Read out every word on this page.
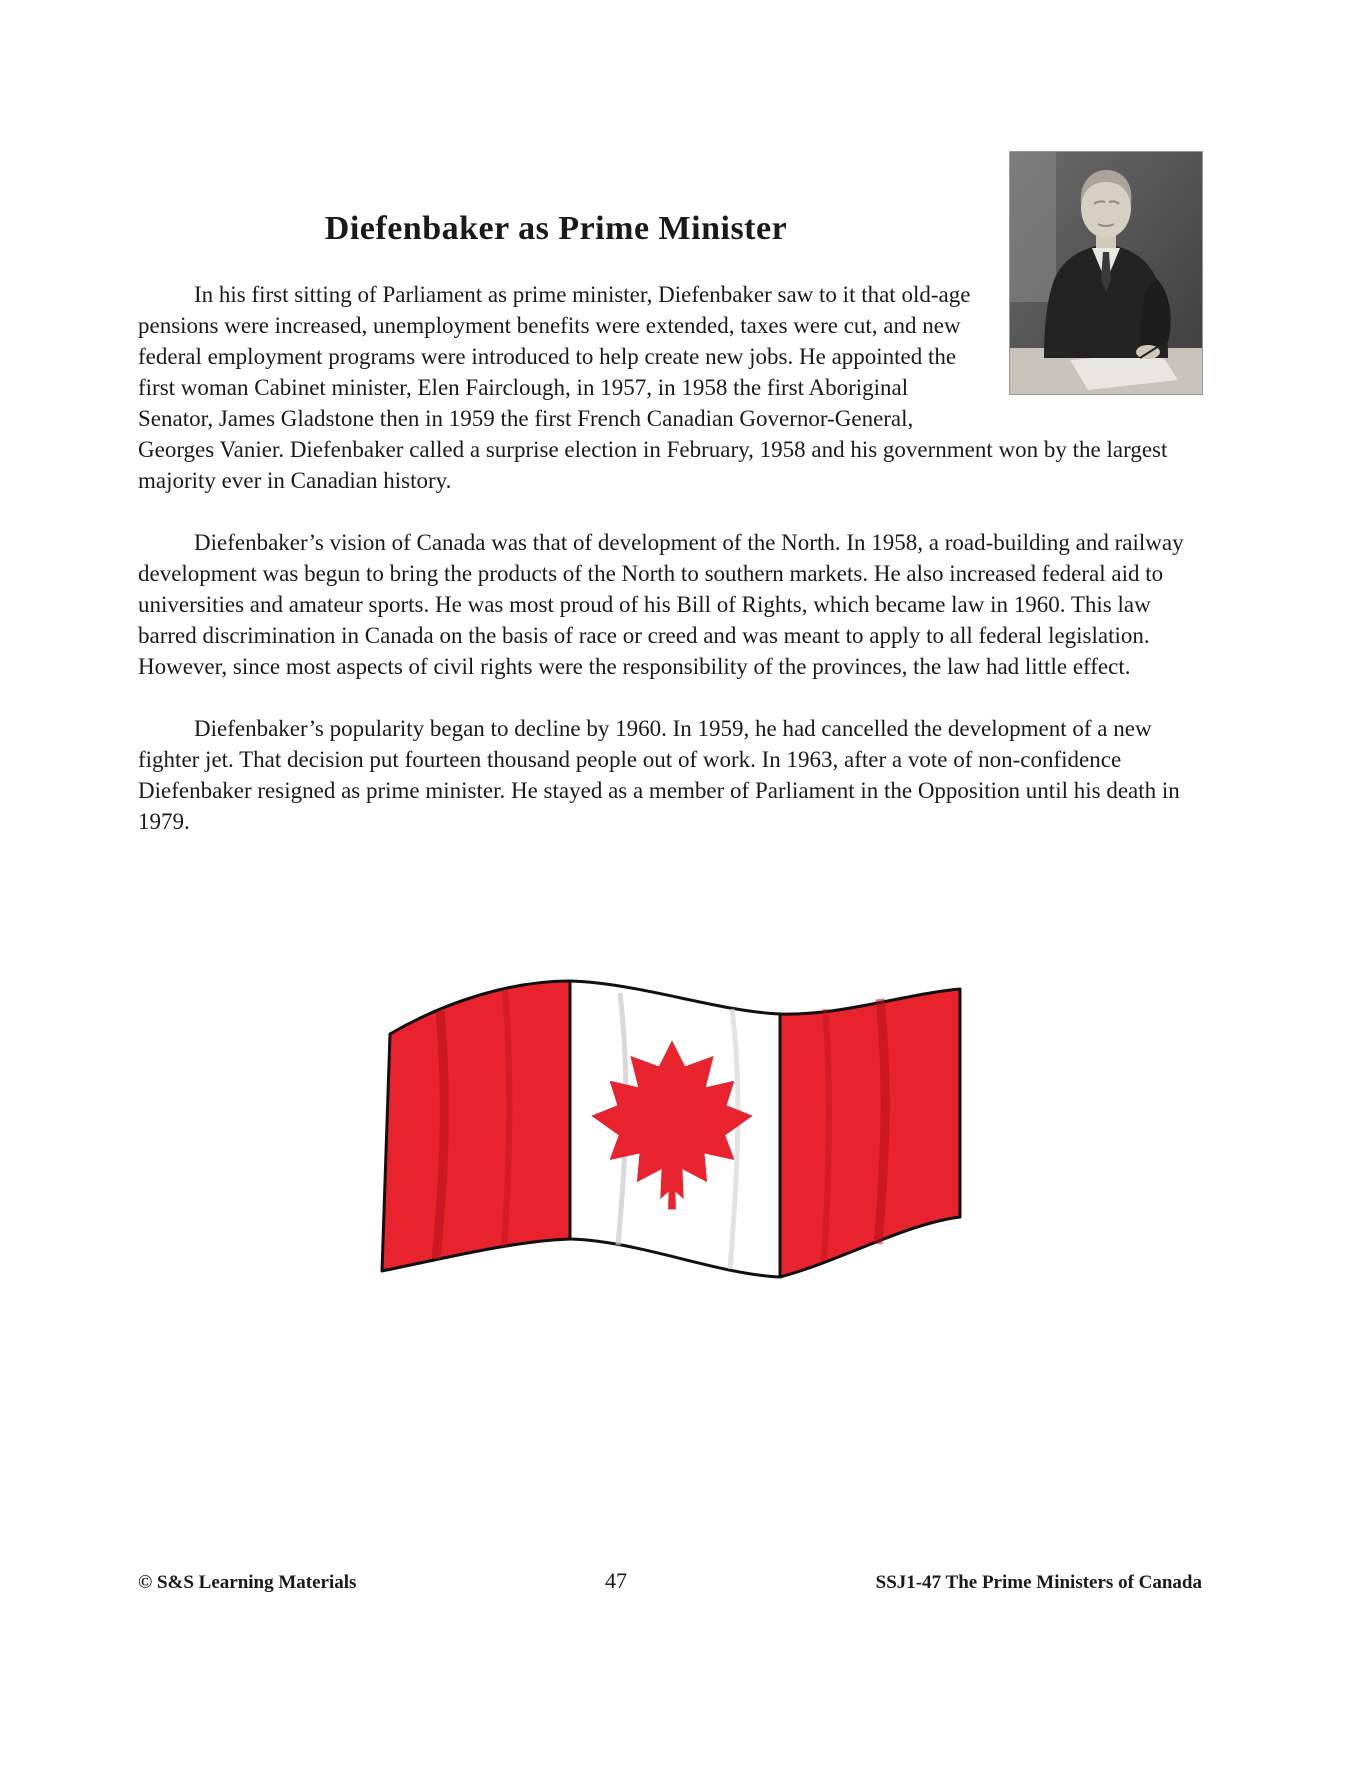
Diefenbaker as Prime Minister

In his first sitting of Parliament as prime minister, Diefenbaker saw to it that old-age pensions were increased, unemployment benefits were extended, taxes were cut, and new federal employment programs were introduced to help create new jobs. He appointed the first woman Cabinet minister, Elen Fairclough, in 1957, in 1958 the first Aboriginal Senator, James Gladstone then in 1959 the first French Canadian Governor-General, Georges Vanier. Diefenbaker called a surprise election in February, 1958 and his government won by the largest majority ever in Canadian history.

Diefenbaker’s vision of Canada was that of development of the North. In 1958, a road-building and railway development was begun to bring the products of the North to southern markets. He also increased federal aid to universities and amateur sports. He was most proud of his Bill of Rights, which became law in 1960. This law barred discrimination in Canada on the basis of race or creed and was meant to apply to all federal legislation. However, since most aspects of civil rights were the responsibility of the provinces, the law had little effect.

Diefenbaker’s popularity began to decline by 1960. In 1959, he had cancelled the development of a new fighter jet. That decision put fourteen thousand people out of work. In 1963, after a vote of non-confidence Diefenbaker resigned as prime minister. He stayed as a member of Parliament in the Opposition until his death in 1979.

© S&S Learning Materials	47	SSJ1-47 The Prime Ministers of Canada
